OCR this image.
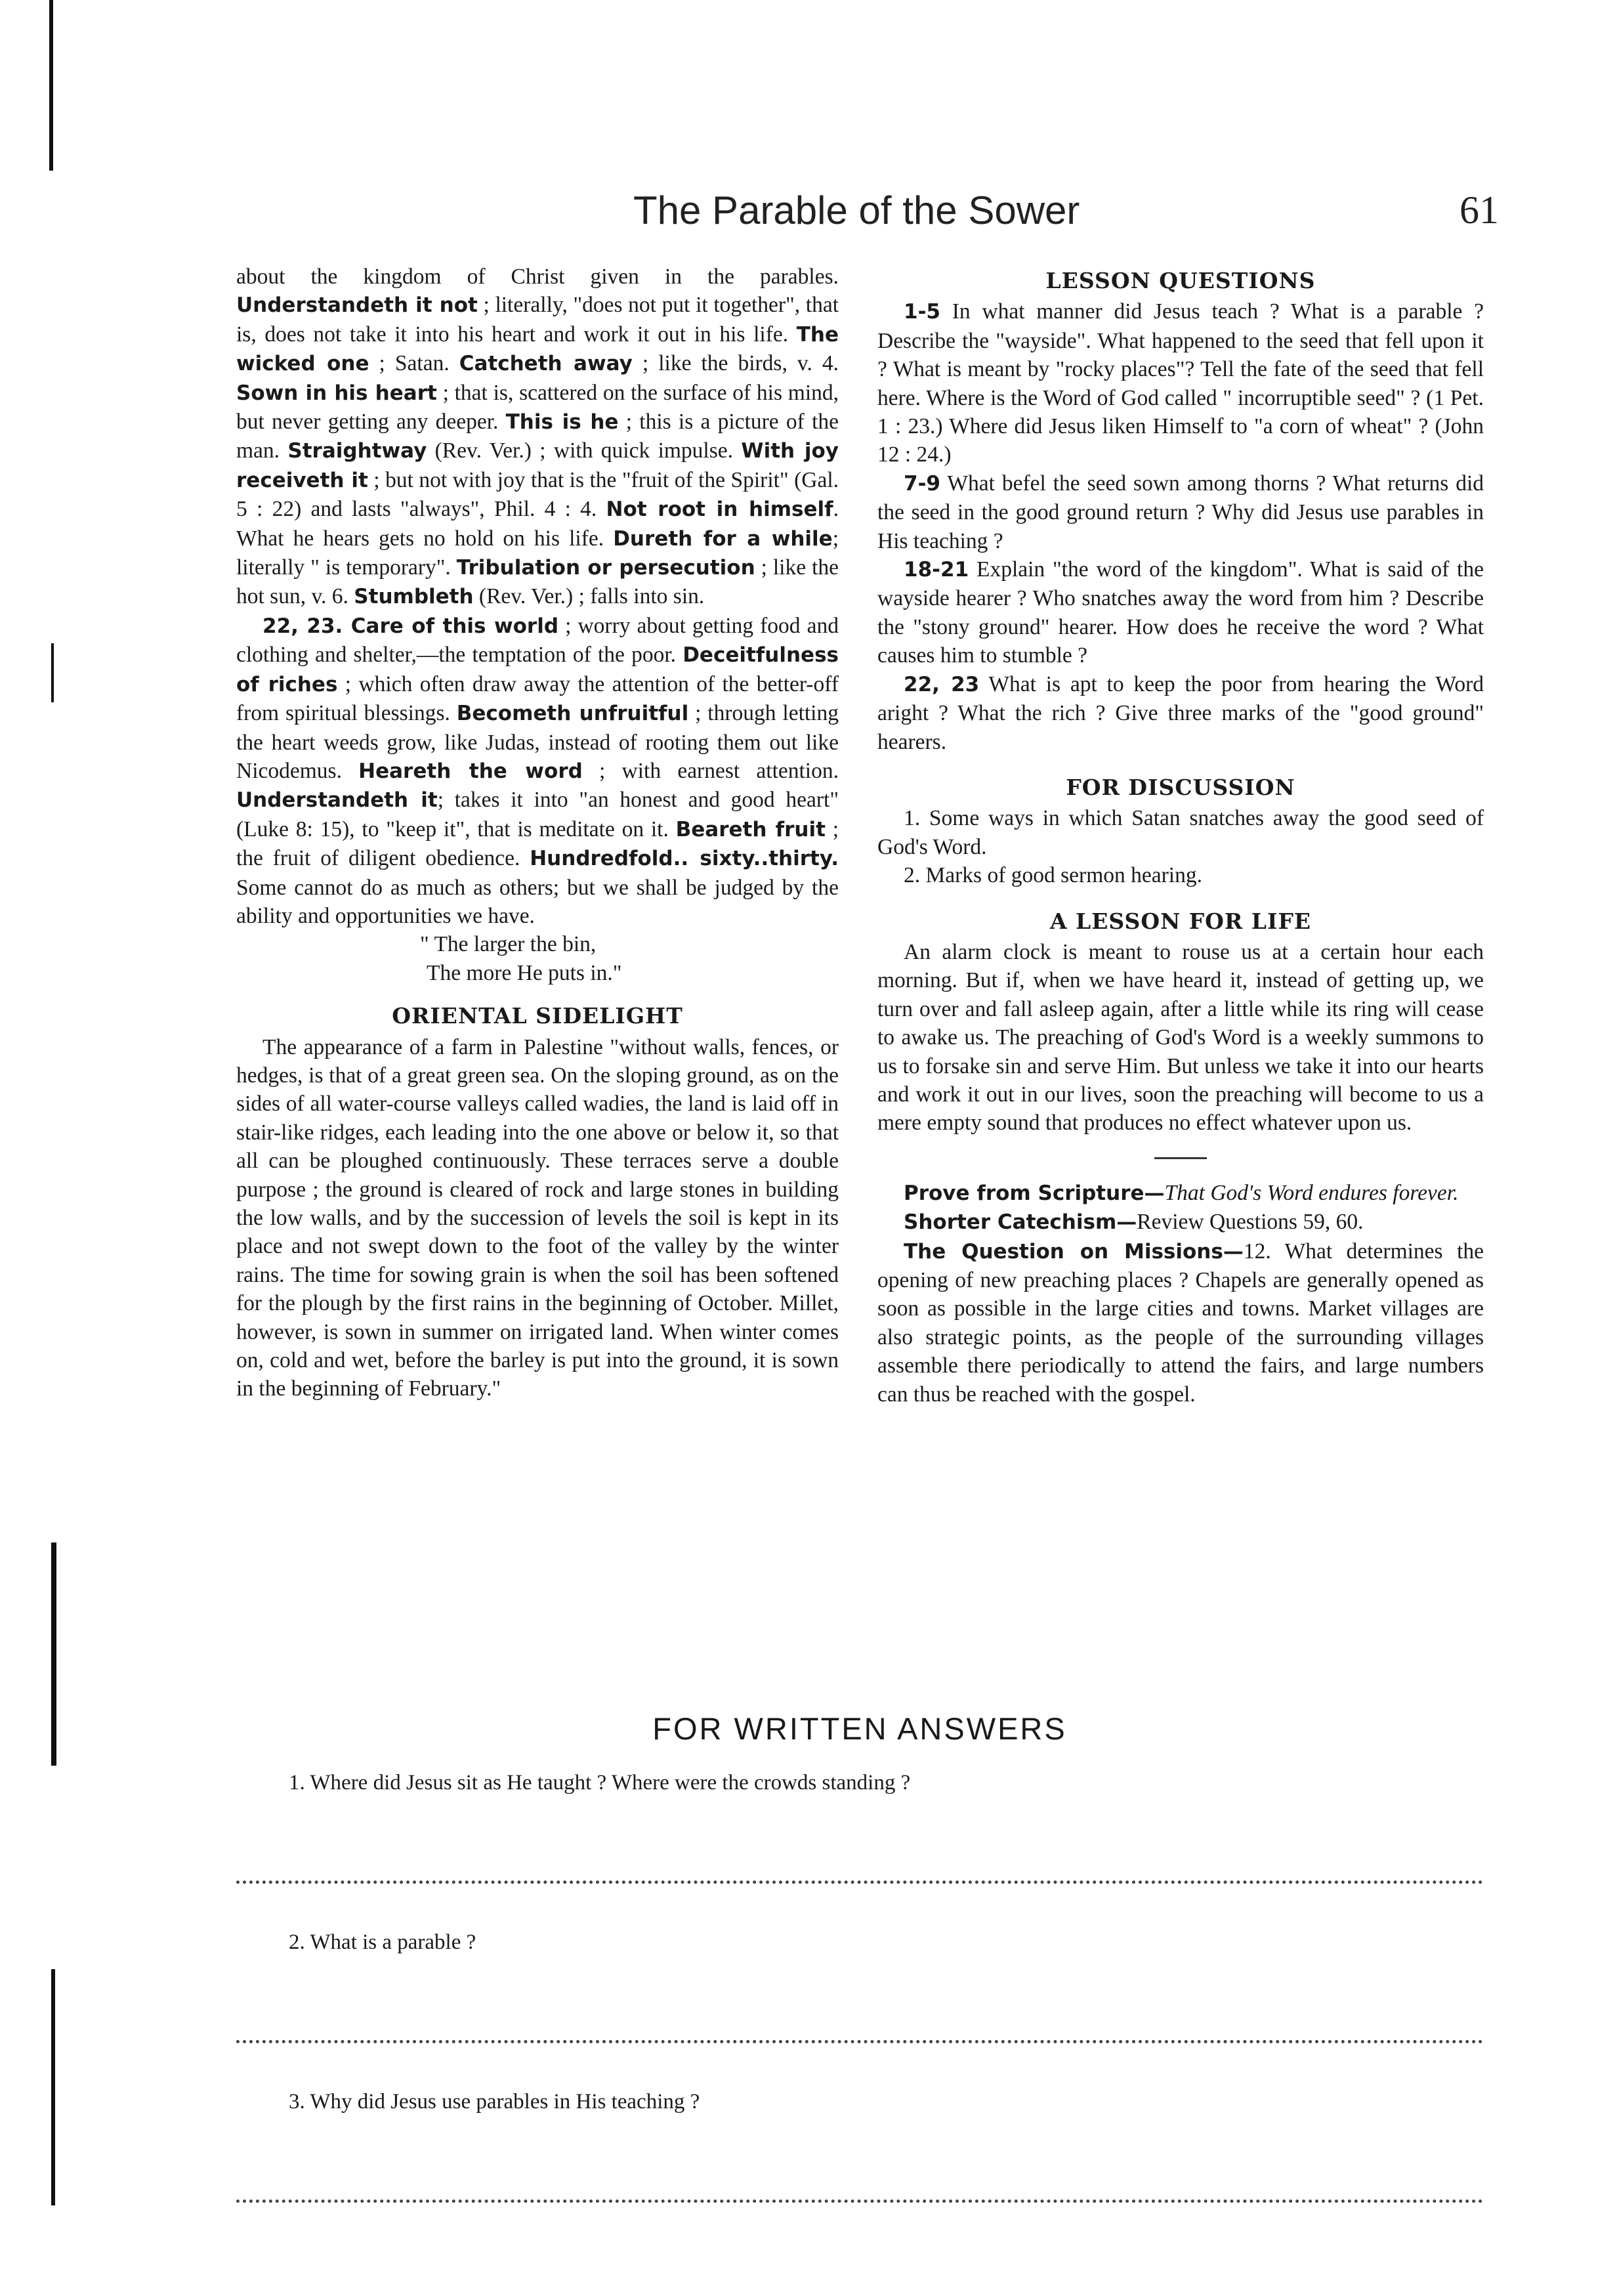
The Parable of the Sower	61

about the kingdom of Christ given in the parables. Understandeth it not ; literally, "does not put it together", that is, does not take it into his heart and work it out in his life. The wicked one ; Satan. Catcheth away ; like the birds, v. 4. Sown in his heart ; that is, scattered on the surface of his mind, but never getting any deeper. This is he ; this is a picture of the man. Straightway (Rev. Ver.) ; with quick impulse. With joy receiveth it ; but not with joy that is the "fruit of the Spirit" (Gal. 5 : 22) and lasts "always", Phil. 4 : 4. Not root in himself. What he hears gets no hold on his life. Dureth for a while; literally " is temporary". Tribulation or persecution ; like the hot sun, v. 6. Stumbleth (Rev. Ver.) ; falls into sin.

22, 23. Care of this world ; worry about getting food and clothing and shelter,—the temptation of the poor. Deceitfulness of riches ; which often draw away the attention of the better-off from spiritual blessings. Becometh unfruitful ; through letting the heart weeds grow, like Judas, instead of rooting them out like Nicodemus. Heareth the word ; with earnest attention. Understandeth it; takes it into "an honest and good heart" (Luke 8: 15), to "keep it", that is meditate on it. Beareth fruit ; the fruit of diligent obedience. Hundredfold.. sixty..thirty. Some cannot do as much as others; but we shall be judged by the ability and opportunities we have.

" The larger the bin,

The more He puts in."

ORIENTAL SIDELIGHT

The appearance of a farm in Palestine "without walls, fences, or hedges, is that of a great green sea. On the sloping ground, as on the sides of all water-course valleys called wadies, the land is laid off in stair-like ridges, each leading into the one above or below it, so that all can be ploughed continuously. These terraces serve a double purpose ; the ground is cleared of rock and large stones in building the low walls, and by the succession of levels the soil is kept in its place and not swept down to the foot of the valley by the winter rains. The time for sowing grain is when the soil has been softened for the plough by the first rains in the beginning of October. Millet, however, is sown in summer on irrigated land. When winter comes on, cold and wet, before the barley is put into the ground, it is sown in the beginning of February."

LESSON QUESTIONS

1-5 In what manner did Jesus teach ? What is a parable ? Describe the "wayside". What happened to the seed that fell upon it ? What is meant by "rocky places"? Tell the fate of the seed that fell here. Where is the Word of God called " incorruptible seed" ? (1 Pet. 1 : 23.) Where did Jesus liken Himself to "a corn of wheat" ? (John 12 : 24.)

7-9 What befel the seed sown among thorns ? What returns did the seed in the good ground return ? Why did Jesus use parables in His teaching ?

18-21 Explain "the word of the kingdom". What is said of the wayside hearer ? Who snatches away the word from him ? Describe the "stony ground" hearer. How does he receive the word ? What causes him to stumble ?

22, 23 What is apt to keep the poor from hearing the Word aright ? What the rich ? Give three marks of the "good ground" hearers.

FOR DISCUSSION

1. Some ways in which Satan snatches away the good seed of God's Word.

2. Marks of good sermon hearing.

A LESSON FOR LIFE

An alarm clock is meant to rouse us at a certain hour each morning. But if, when we have heard it, instead of getting up, we turn over and fall asleep again, after a little while its ring will cease to awake us. The preaching of God's Word is a weekly summons to us to forsake sin and serve Him. But unless we take it into our hearts and work it out in our lives, soon the preaching will become to us a mere empty sound that produces no effect whatever upon us.

Prove from Scripture—That God's Word endures forever.

Shorter Catechism—Review Questions 59, 60.

The Question on Missions—12. What determines the opening of new preaching places ? Chapels are generally opened as soon as possible in the large cities and towns. Market villages are also strategic points, as the people of the surrounding villages assemble there periodically to attend the fairs, and large numbers can thus be reached with the gospel.

FOR WRITTEN ANSWERS
1. Where did Jesus sit as He taught ? Where were the crowds standing ?
2. What is a parable ?
3. Why did Jesus use parables in His teaching ?
